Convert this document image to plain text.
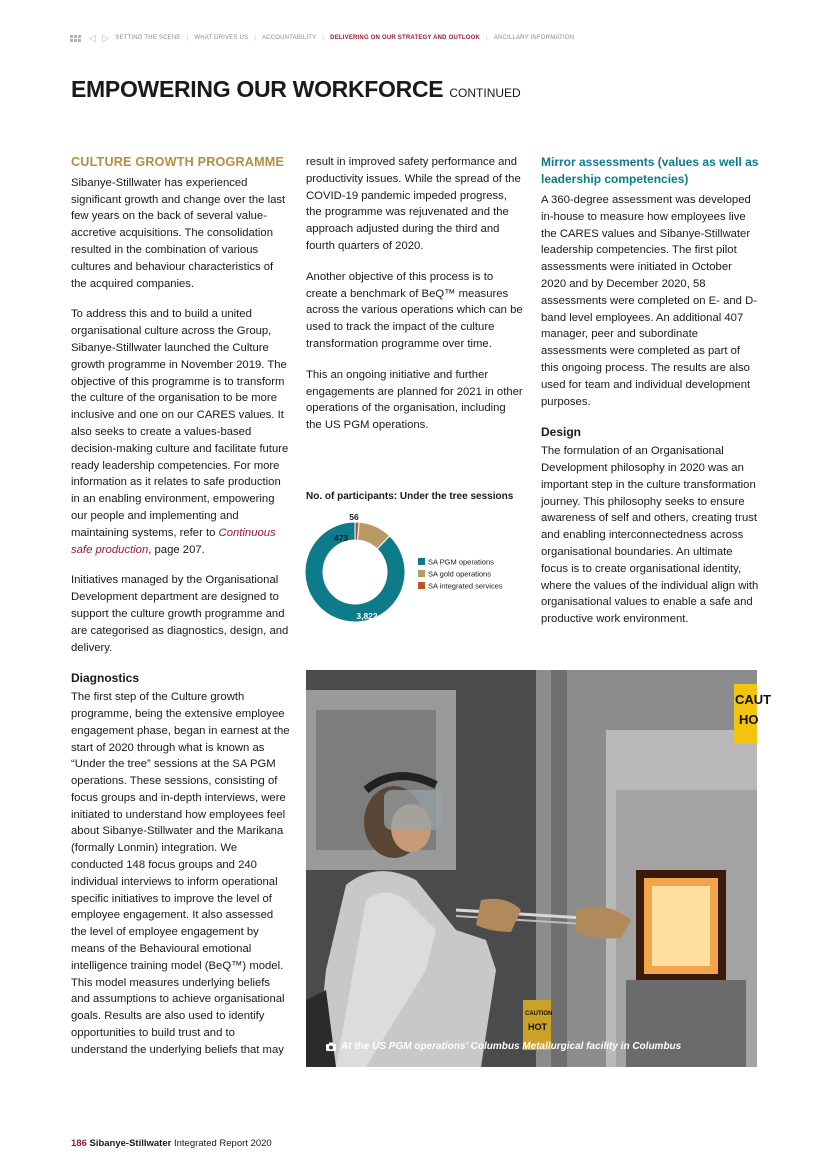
◁ ▷ SETTING THE SCENE | WHAT DRIVES US | ACCOUNTABILITY | DELIVERING ON OUR STRATEGY AND OUTLOOK | ANCILLARY INFORMATION
EMPOWERING OUR WORKFORCE CONTINUED
CULTURE GROWTH PROGRAMME

Sibanye-Stillwater has experienced significant growth and change over the last few years on the back of several value-accretive acquisitions. The consolidation resulted in the combination of various cultures and behaviour characteristics of the acquired companies.

To address this and to build a united organisational culture across the Group, Sibanye-Stillwater launched the Culture growth programme in November 2019. The objective of this programme is to transform the culture of the organisation to be more inclusive and one on our CARES values. It also seeks to create a values-based decision-making culture and facilitate future ready leadership competencies. For more information as it relates to safe production in an enabling environment, empowering our people and implementing and maintaining systems, refer to Continuous safe production, page 207.

Initiatives managed by the Organisational Development department are designed to support the culture growth programme and are categorised as diagnostics, design, and delivery.

Diagnostics

The first step of the Culture growth programme, being the extensive employee engagement phase, began in earnest at the start of 2020 through what is known as “Under the tree” sessions at the SA PGM operations. These sessions, consisting of focus groups and in-depth interviews, were initiated to understand how employees feel about Sibanye-Stillwater and the Marikana (formally Lonmin) integration. We conducted 148 focus groups and 240 individual interviews to inform operational specific initiatives to improve the level of employee engagement. It also assessed the level of employee engagement by means of the Behavioural emotional intelligence training model (BeQ™) model. This model measures underlying beliefs and assumptions to achieve organisational goals. Results are also used to identify opportunities to build trust and to understand the underlying beliefs that may

result in improved safety performance and productivity issues. While the spread of the COVID-19 pandemic impeded progress, the programme was rejuvenated and the approach adjusted during the third and fourth quarters of 2020.

Another objective of this process is to create a benchmark of BeQ™ measures across the various operations which can be used to track the impact of the culture transformation programme over time.

This an ongoing initiative and further engagements are planned for 2021 in other operations of the organisation, including the US PGM operations.

No. of participants: Under the tree sessions
3,822
473
56
SA PGM operations
SA gold operations
SA integrated services
Mirror assessments (values as well as leadership competencies)

A 360-degree assessment was developed in-house to measure how employees live the CARES values and Sibanye-Stillwater leadership competencies. The first pilot assessments were initiated in October 2020 and by December 2020, 58 assessments were completed on E- and D-band level employees. An additional 407 manager, peer and subordinate assessments were completed as part of this ongoing process. The results are also used for team and individual development purposes.

Design

The formulation of an Organisational Development philosophy in 2020 was an important step in the culture transformation journey. This philosophy seeks to ensure awareness of self and others, creating trust and enabling interconnectedness across organisational boundaries. An ultimate focus is to create organisational identity, where the values of the individual align with organisational values to enable a safe and productive work environment.

CAUT
HO
CAUTION
HOT
At the US PGM operations’ Columbus Metallurgical facility in Columbus
186 Sibanye-Stillwater Integrated Report 2020
